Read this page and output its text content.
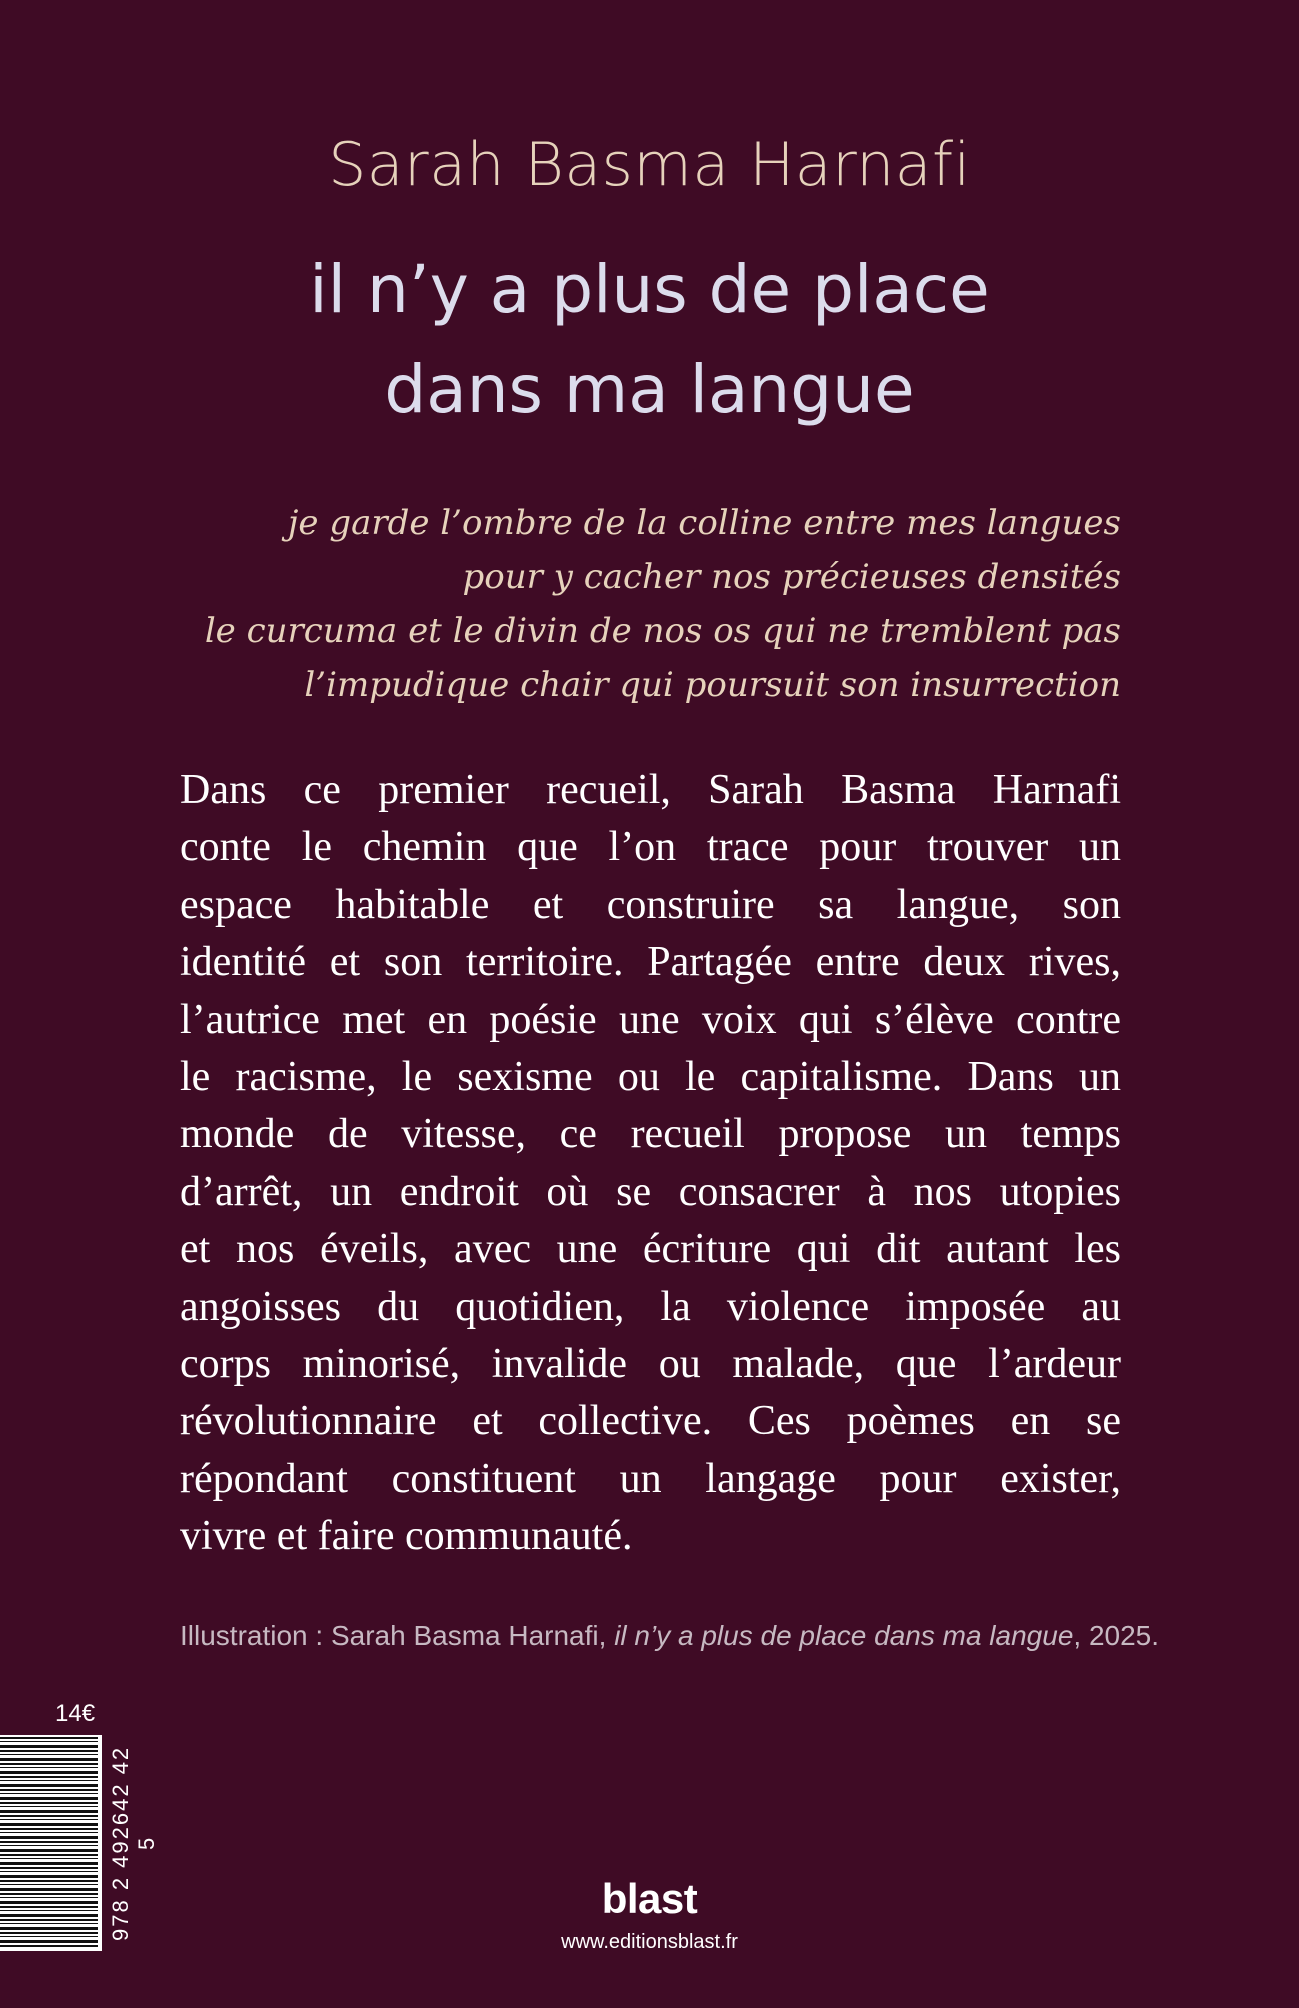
Sarah Basma Harnafi
il n’y a plus de place
dans ma langue
je garde l’ombre de la colline entre mes langues
pour y cacher nos précieuses densités
le curcuma et le divin de nos os qui ne tremblent pas
l’impudique chair qui poursuit son insurrection
Dans ce premier recueil, Sarah Basma Harnafi
conte le chemin que l’on trace pour trouver un
espace habitable et construire sa langue, son
identité et son territoire. Partagée entre deux rives,
l’autrice met en poésie une voix qui s’élève contre
le racisme, le sexisme ou le capitalisme. Dans un
monde de vitesse, ce recueil propose un temps
d’arrêt, un endroit où se consacrer à nos utopies
et nos éveils, avec une écriture qui dit autant les
angoisses du quotidien, la violence imposée au
corps minorisé, invalide ou malade, que l’ardeur
révolutionnaire et collective. Ces poèmes en se
répondant constituent un langage pour exister,
vivre et faire communauté.
Illustration : Sarah Basma Harnafi, il n’y a plus de place dans ma langue, 2025.
14€
978 2 492642 42 5
blast
www.editionsblast.fr
